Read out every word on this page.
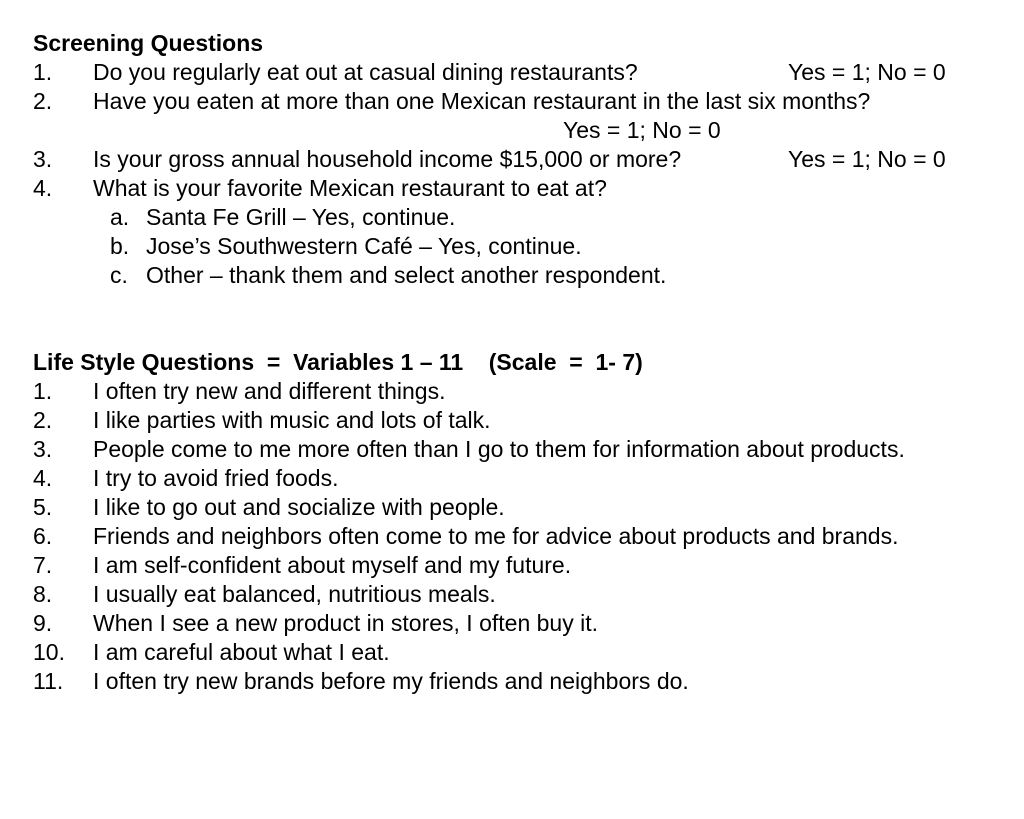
Screening Questions
1. Do you regularly eat out at casual dining restaurants?	Yes = 1; No = 0
2. Have you eaten at more than one Mexican restaurant in the last six months?
Yes = 1; No = 0
3. Is your gross annual household income $15,000 or more?	Yes = 1; No = 0
4. What is your favorite Mexican restaurant to eat at?
a. Santa Fe Grill – Yes, continue.
b. Jose’s Southwestern Café – Yes, continue.
c. Other – thank them and select another respondent.
Life Style Questions  =  Variables 1 – 11    (Scale  =  1- 7)
1. I often try new and different things.
2. I like parties with music and lots of talk.
3. People come to me more often than I go to them for information about products.
4. I try to avoid fried foods.
5. I like to go out and socialize with people.
6. Friends and neighbors often come to me for advice about products and brands.
7. I am self-confident about myself and my future.
8. I usually eat balanced, nutritious meals.
9. When I see a new product in stores, I often buy it.
10. I am careful about what I eat.
11. I often try new brands before my friends and neighbors do.
